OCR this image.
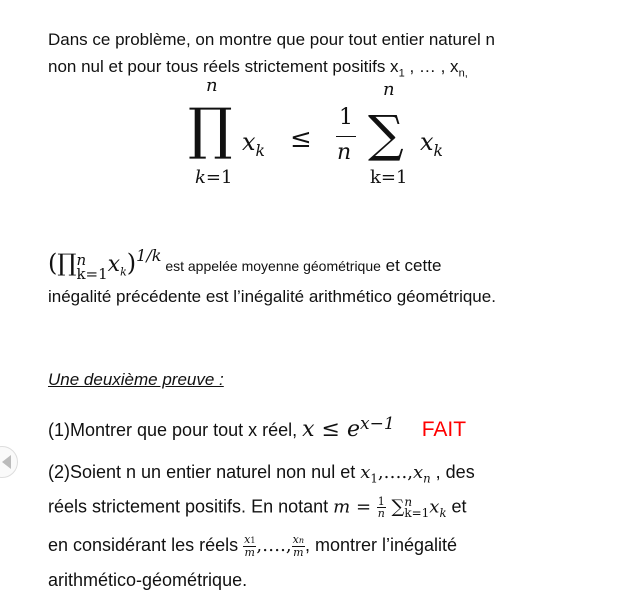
Dans ce problème, on montre que pour tout entier naturel n
non nul et pour tous réels strictement positifs $x_1$ , … , $x_{n,}$
n
∏
k=1
$x_k$ ≤
1
n
n
∑
k=1
$x_k$
(∏ n
k=1 $x_k)^{1/k}$ est appelée moyenne géométrique et cette
inégalité précédente est l’inégalité arithmético géométrique.
Une deuxième preuve :
(1)Montrer que pour tout x réel, $x \le e^{x-1}$ FAIT
(2)Soient n un entier naturel non nul et $x_1,\dots.,x_n$ , des
réels strictement positifs. En notant $m = \frac{1}{n}$ ∑ n
k=1 $x_k$ et
en considérant les réels $\frac{x1}{m}$ ,…., $\frac{xn}{m}$ , montrer l’inégalité
arithmético-géométrique.
